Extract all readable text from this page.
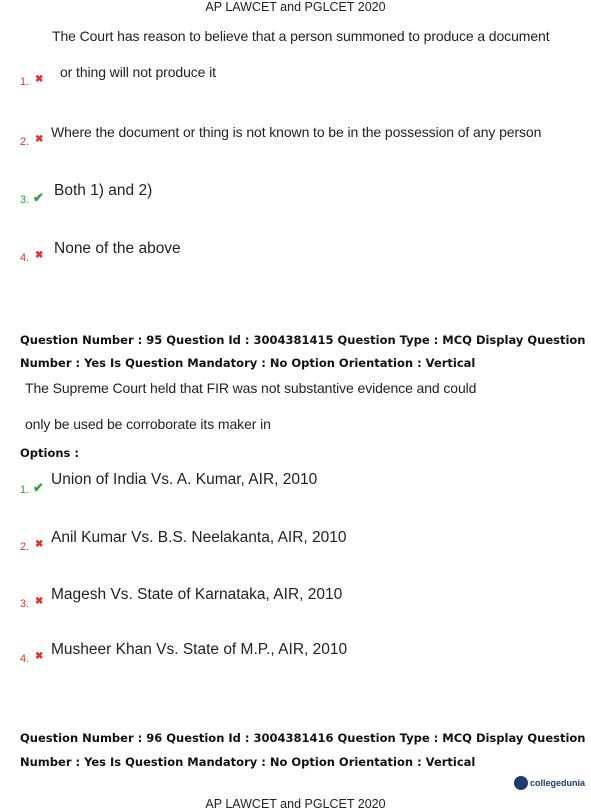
AP LAWCET and PGLCET 2020
The Court has reason to believe that a person summoned to produce a document
or thing will not produce it
1. ✖
2. ✖ Where the document or thing is not known to be in the possession of any person
3. ✔ Both 1) and 2)
4. ✖ None of the above
Question Number : 95 Question Id : 3004381415 Question Type : MCQ Display Question
Number : Yes Is Question Mandatory : No Option Orientation : Vertical
The Supreme Court held that FIR was not substantive evidence and could
only be used be corroborate its maker in
Options :
1. ✔ Union of India Vs. A. Kumar, AIR, 2010
2. ✖ Anil Kumar Vs. B.S. Neelakanta, AIR, 2010
3. ✖ Magesh Vs. State of Karnataka, AIR, 2010
4. ✖ Musheer Khan Vs. State of M.P., AIR, 2010
Question Number : 96 Question Id : 3004381416 Question Type : MCQ Display Question
Number : Yes Is Question Mandatory : No Option Orientation : Vertical
collegedunia
AP LAWCET and PGLCET 2020
